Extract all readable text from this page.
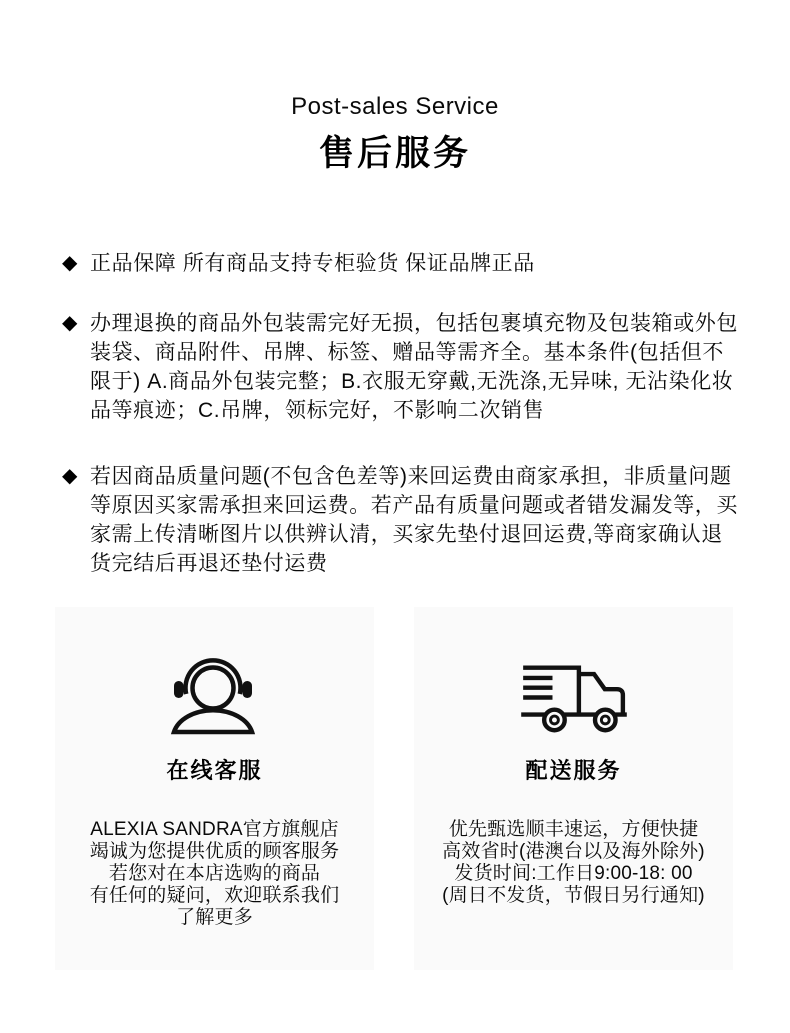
Post-sales Service
售后服务
◆ 正品保障 所有商品支持专柜验货 保证品牌正品
◆ 办理退换的商品外包装需完好无损，包括包裹填充物及包装箱或外包装袋、商品附件、吊牌、标签、赠品等需齐全。基本条件(包括但不限于) A.商品外包装完整；B.衣服无穿戴,无洗涤,无异味, 无沾染化妆品等痕迹；C.吊牌，领标完好，不影响二次销售
◆ 若因商品质量问题(不包含色差等)来回运费由商家承担，非质量问题等原因买家需承担来回运费。若产品有质量问题或者错发漏发等，买家需上传清晰图片以供辨认清，买家先垫付退回运费,等商家确认退货完结后再退还垫付运费
在线客服
ALEXIA SANDRA官方旗舰店
竭诚为您提供优质的顾客服务
若您对在本店选购的商品
有任何的疑问，欢迎联系我们
了解更多
配送服务
优先甄选顺丰速运，方便快捷
高效省时(港澳台以及海外除外)
发货时间:工作日9:00-18: 00
(周日不发货，节假日另行通知)
